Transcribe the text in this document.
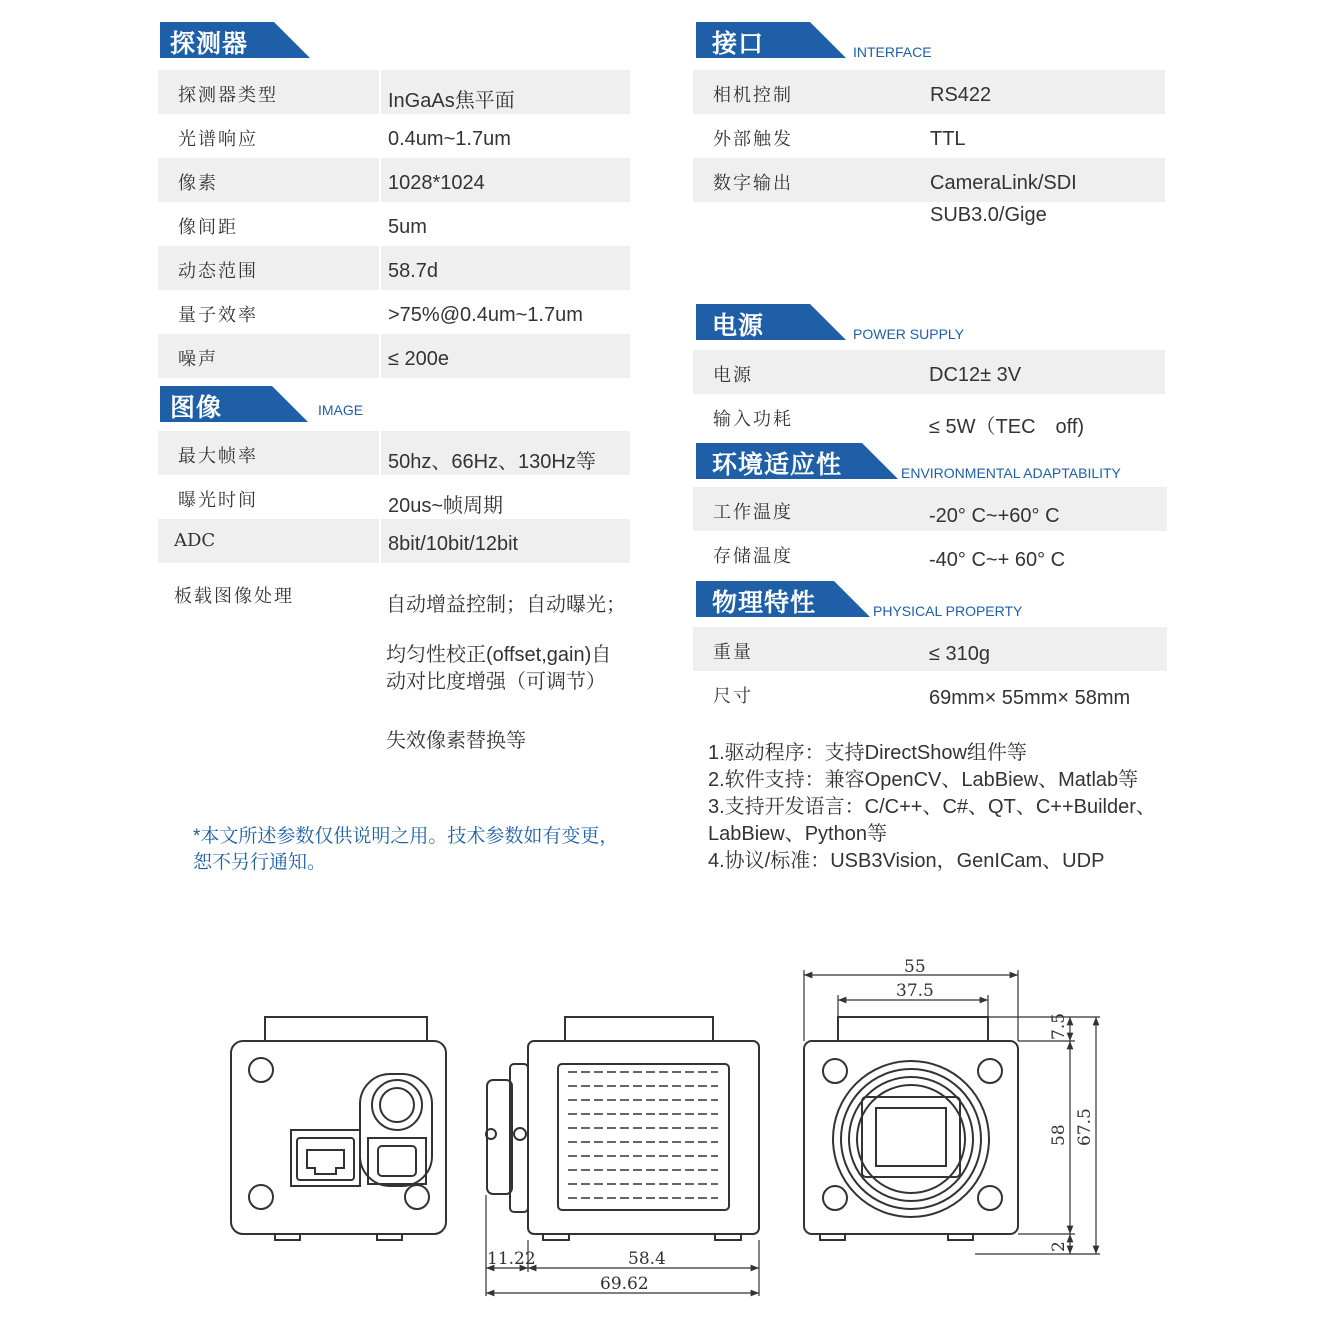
探测器
探测器类型	InGaAs焦平面
光谱响应	0.4um~1.7um
像素	1028*1024
像间距	5um
动态范围	58.7d
量子效率	>75%@0.4um~1.7um
噪声	≤ 200e
图像	IMAGE
最大帧率	50hz、66Hz、130Hz等
曝光时间	20us~帧周期
ADC	8bit/10bit/12bit
板载图像处理	自动增益控制；自动曝光；
均匀性校正(offset,gain)自
动对比度增强（可调节）
失效像素替换等
*本文所述参数仅供说明之用。技术参数如有变更，
恕不另行通知。
接口	INTERFACE
相机控制	RS422
外部触发	TTL
数字输出	CameraLink/SDI
SUB3.0/Gige
电源	POWER SUPPLY
电源	DC12± 3V
输入功耗	≤ 5W（TEC　off)
环境适应性	ENVIRONMENTAL ADAPTABILITY
工作温度	-20° C~+60° C
存储温度	-40° C~+ 60° C
物理特性	PHYSICAL PROPERTY
重量	≤ 310g
尺寸	69mm× 55mm× 58mm
1.驱动程序：支持DirectShow组件等
2.软件支持：兼容OpenCV、LabBiew、Matlab等
3.支持开发语言：C/C++、C#、QT、C++Builder、
LabBiew、Python等
4.协议/标准：USB3Vision，GenICam、UDP
11.22	58.4
69.62
55
37.5
7.5
58 67.5
2
